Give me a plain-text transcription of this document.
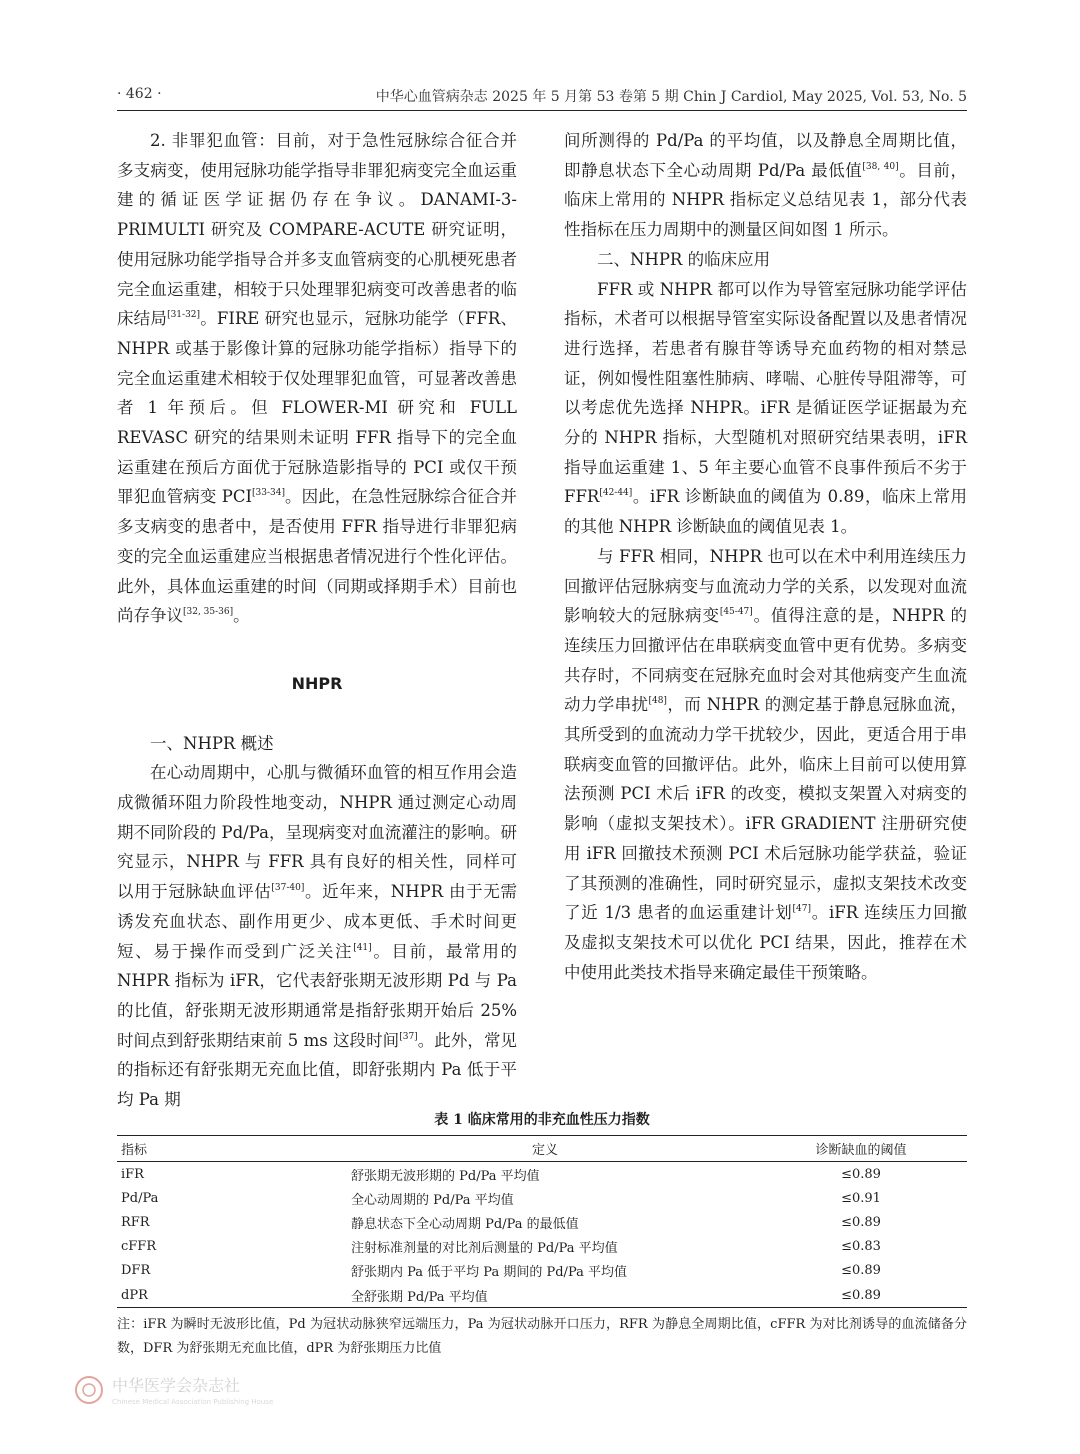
· 462 ·	中华心血管病杂志 2025 年 5 月第 53 卷第 5 期 Chin J Cardiol, May 2025, Vol. 53, No. 5

2. 非罪犯血管：目前，对于急性冠脉综合征合并多支病变，使用冠脉功能学指导非罪犯病变完全血运重建的循证医学证据仍存在争议。DANAMI-3-PRIMULTI 研究及 COMPARE-ACUTE 研究证明，使用冠脉功能学指导合并多支血管病变的心肌梗死患者完全血运重建，相较于只处理罪犯病变可改善患者的临床结局[31-32]。FIRE 研究也显示，冠脉功能学（FFR、NHPR 或基于影像计算的冠脉功能学指标）指导下的完全血运重建术相较于仅处理罪犯血管，可显著改善患者 1 年预后。但 FLOWER-MI 研究和 FULL REVASC 研究的结果则未证明 FFR 指导下的完全血运重建在预后方面优于冠脉造影指导的 PCI 或仅干预罪犯血管病变 PCI[33-34]。因此，在急性冠脉综合征合并多支病变的患者中，是否使用 FFR 指导进行非罪犯病变的完全血运重建应当根据患者情况进行个性化评估。此外，具体血运重建的时间（同期或择期手术）目前也尚存争议[32, 35-36]。

NHPR
一、NHPR 概述

在心动周期中，心肌与微循环血管的相互作用会造成微循环阻力阶段性地变动，NHPR 通过测定心动周期不同阶段的 Pd/Pa，呈现病变对血流灌注的影响。研究显示，NHPR 与 FFR 具有良好的相关性，同样可以用于冠脉缺血评估[37-40]。近年来，NHPR 由于无需诱发充血状态、副作用更少、成本更低、手术时间更短、易于操作而受到广泛关注[41]。目前，最常用的 NHPR 指标为 iFR，它代表舒张期无波形期 Pd 与 Pa 的比值，舒张期无波形期通常是指舒张期开始后 25% 时间点到舒张期结束前 5 ms 这段时间[37]。此外，常见的指标还有舒张期无充血比值，即舒张期内 Pa 低于平均 Pa 期

间所测得的 Pd/Pa 的平均值，以及静息全周期比值，即静息状态下全心动周期 Pd/Pa 最低值[38, 40]。目前，临床上常用的 NHPR 指标定义总结见表 1，部分代表性指标在压力周期中的测量区间如图 1 所示。

二、NHPR 的临床应用

FFR 或 NHPR 都可以作为导管室冠脉功能学评估指标，术者可以根据导管室实际设备配置以及患者情况进行选择，若患者有腺苷等诱导充血药物的相对禁忌证，例如慢性阻塞性肺病、哮喘、心脏传导阻滞等，可以考虑优先选择 NHPR。iFR 是循证医学证据最为充分的 NHPR 指标，大型随机对照研究结果表明，iFR 指导血运重建 1、5 年主要心血管不良事件预后不劣于 FFR[42-44]。iFR 诊断缺血的阈值为 0.89，临床上常用的其他 NHPR 诊断缺血的阈值见表 1。

与 FFR 相同，NHPR 也可以在术中利用连续压力回撤评估冠脉病变与血流动力学的关系，以发现对血流影响较大的冠脉病变[45-47]。值得注意的是，NHPR 的连续压力回撤评估在串联病变血管中更有优势。多病变共存时，不同病变在冠脉充血时会对其他病变产生血流动力学串扰[48]，而 NHPR 的测定基于静息冠脉血流，其所受到的血流动力学干扰较少，因此，更适合用于串联病变血管的回撤评估。此外，临床上目前可以使用算法预测 PCI 术后 iFR 的改变，模拟支架置入对病变的影响（虚拟支架技术）。iFR GRADIENT 注册研究使用 iFR 回撤技术预测 PCI 术后冠脉功能学获益，验证了其预测的准确性，同时研究显示，虚拟支架技术改变了近 1/3 患者的血运重建计划[47]。iFR 连续压力回撤及虚拟支架技术可以优化 PCI 结果，因此，推荐在术中使用此类技术指导来确定最佳干预策略。

表 1 临床常用的非充血性压力指数
指标	定义	诊断缺血的阈值
iFR	舒张期无波形期的 Pd/Pa 平均值	≤0.89
Pd/Pa	全心动周期的 Pd/Pa 平均值	≤0.91
RFR	静息状态下全心动周期 Pd/Pa 的最低值	≤0.89
cFFR	注射标准剂量的对比剂后测量的 Pd/Pa 平均值	≤0.83
DFR	舒张期内 Pa 低于平均 Pa 期间的 Pd/Pa 平均值	≤0.89
dPR	全舒张期 Pd/Pa 平均值	≤0.89
注：iFR 为瞬时无波形比值，Pd 为冠状动脉狭窄远端压力，Pa 为冠状动脉开口压力，RFR 为静息全周期比值，cFFR 为对比剂诱导的血流储备分数，DFR 为舒张期无充血比值，dPR 为舒张期压力比值
中华医学会杂志社
Chinese Medical Association Publishing House
